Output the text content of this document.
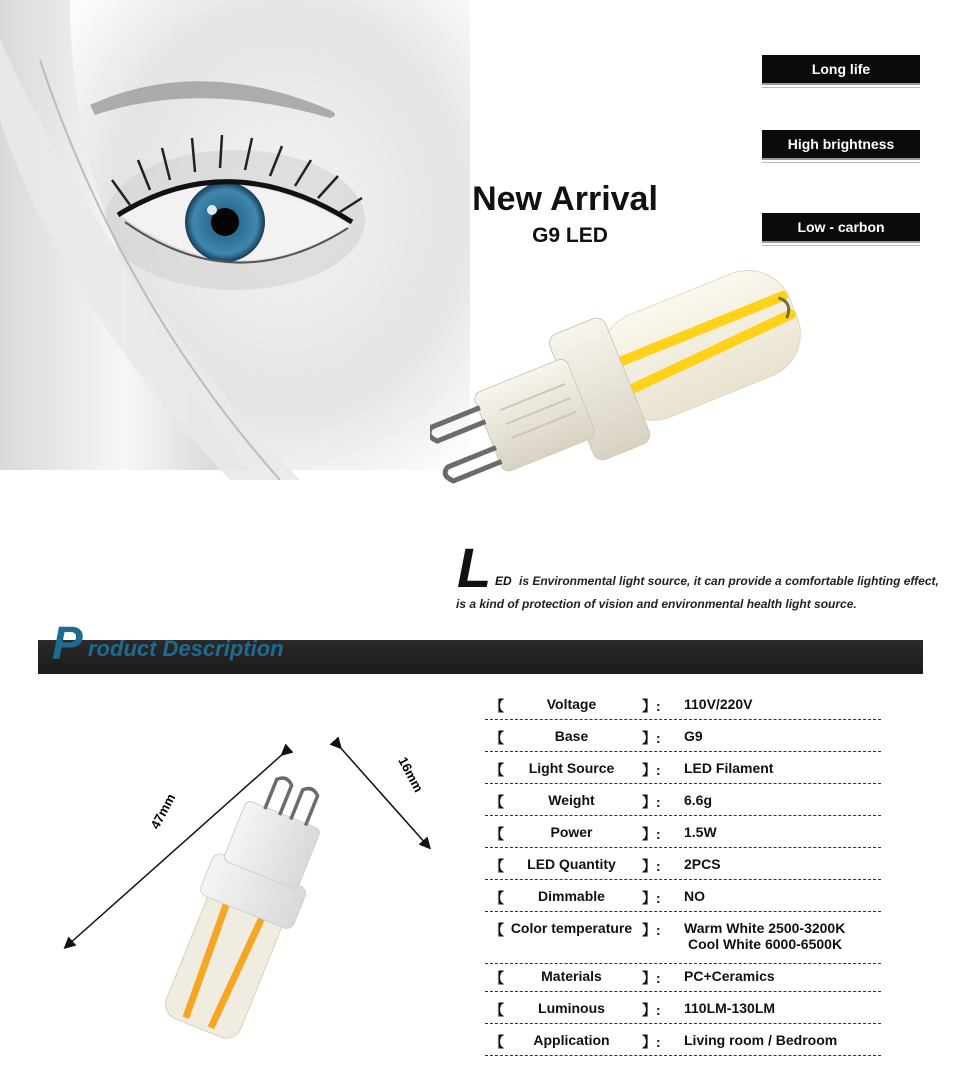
Long life
High brightness
Low - carbon
New Arrival
G9 LED
L ED is Environmental light source, it can provide a comfortable lighting effect,
is a kind of protection of vision and environmental health light source.
P roduct Description
47mm
16mm
【	Voltage	】: 110V/220V
【	Base	】: G9
【	Light Source	】: LED Filament
【	Weight	】: 6.6g
【	Power	】: 1.5W
【	LED Quantity	】: 2PCS
【	Dimmable	】: NO
【 Color temperature 】: Warm White 2500-3200K
Cool White 6000-6500K
【	Materials	】: PC+Ceramics
【	Luminous	】: 110LM-130LM
【	Application	】: Living room / Bedroom
